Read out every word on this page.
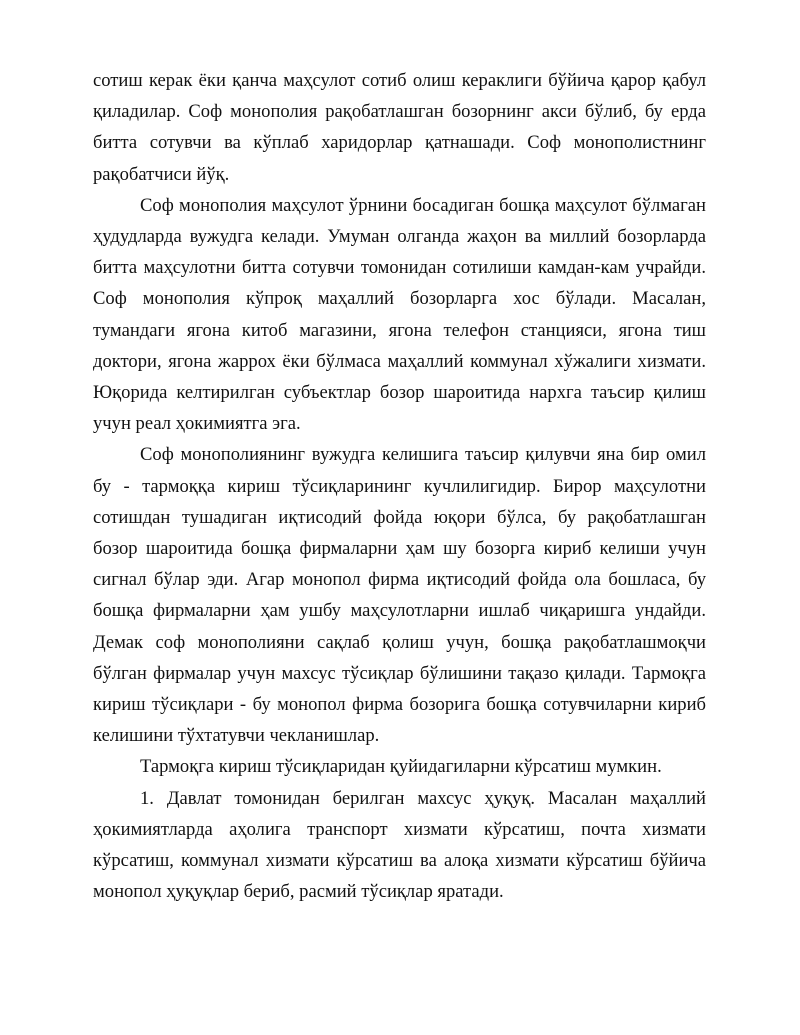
сотиш керак ёки қанча маҳсулот сотиб олиш кераклиги бўйича қарор қабул қиладилар. Соф монополия рақобатлашган бозорнинг акси бўлиб, бу ерда битта сотувчи ва кўплаб харидорлар қатнашади. Соф монополистнинг рақобатчиси йўқ.

Соф монополия маҳсулот ўрнини босадиган бошқа маҳсулот бўлмаган ҳудудларда вужудга келади. Умуман олганда жаҳон ва миллий бозорларда битта маҳсулотни битта сотувчи томонидан сотилиши камдан-кам учрайди. Соф монополия кўпроқ маҳаллий бозорларга хос бўлади. Масалан, тумандаги ягона китоб магазини, ягона телефон станцияси, ягона тиш доктори, ягона жаррох ёки бўлмаса маҳаллий коммунал хўжалиги хизмати. Юқорида келтирилган субъектлар бозор шароитида нархга таъсир қилиш учун реал ҳокимиятга эга.

Соф монополиянинг вужудга келишига таъсир қилувчи яна бир омил бу - тармоққа кириш тўсиқларининг кучлилигидир. Бирор маҳсулотни сотишдан тушадиган иқтисодий фойда юқори бўлса, бу рақобатлашган бозор шароитида бошқа фирмаларни ҳам шу бозорга кириб келиши учун сигнал бўлар эди. Агар монопол фирма иқтисодий фойда ола бошласа, бу бошқа фирмаларни ҳам ушбу маҳсулотларни ишлаб чиқаришга ундайди. Демак соф монополияни сақлаб қолиш учун, бошқа рақобатлашмоқчи бўлган фирмалар учун махсус тўсиқлар бўлишини тақазо қилади. Тармоқга кириш тўсиқлари - бу монопол фирма бозорига бошқа сотувчиларни кириб келишини тўхтатувчи чекланишлар.

Тармоқга кириш тўсиқларидан қуйидагиларни кўрсатиш мумкин.

1. Давлат томонидан берилган махсус ҳуқуқ. Масалан маҳаллий ҳокимиятларда аҳолига транспорт хизмати кўрсатиш, почта хизмати кўрсатиш, коммунал хизмати кўрсатиш ва алоқа хизмати кўрсатиш бўйича монопол ҳуқуқлар бериб, расмий тўсиқлар яратади.
